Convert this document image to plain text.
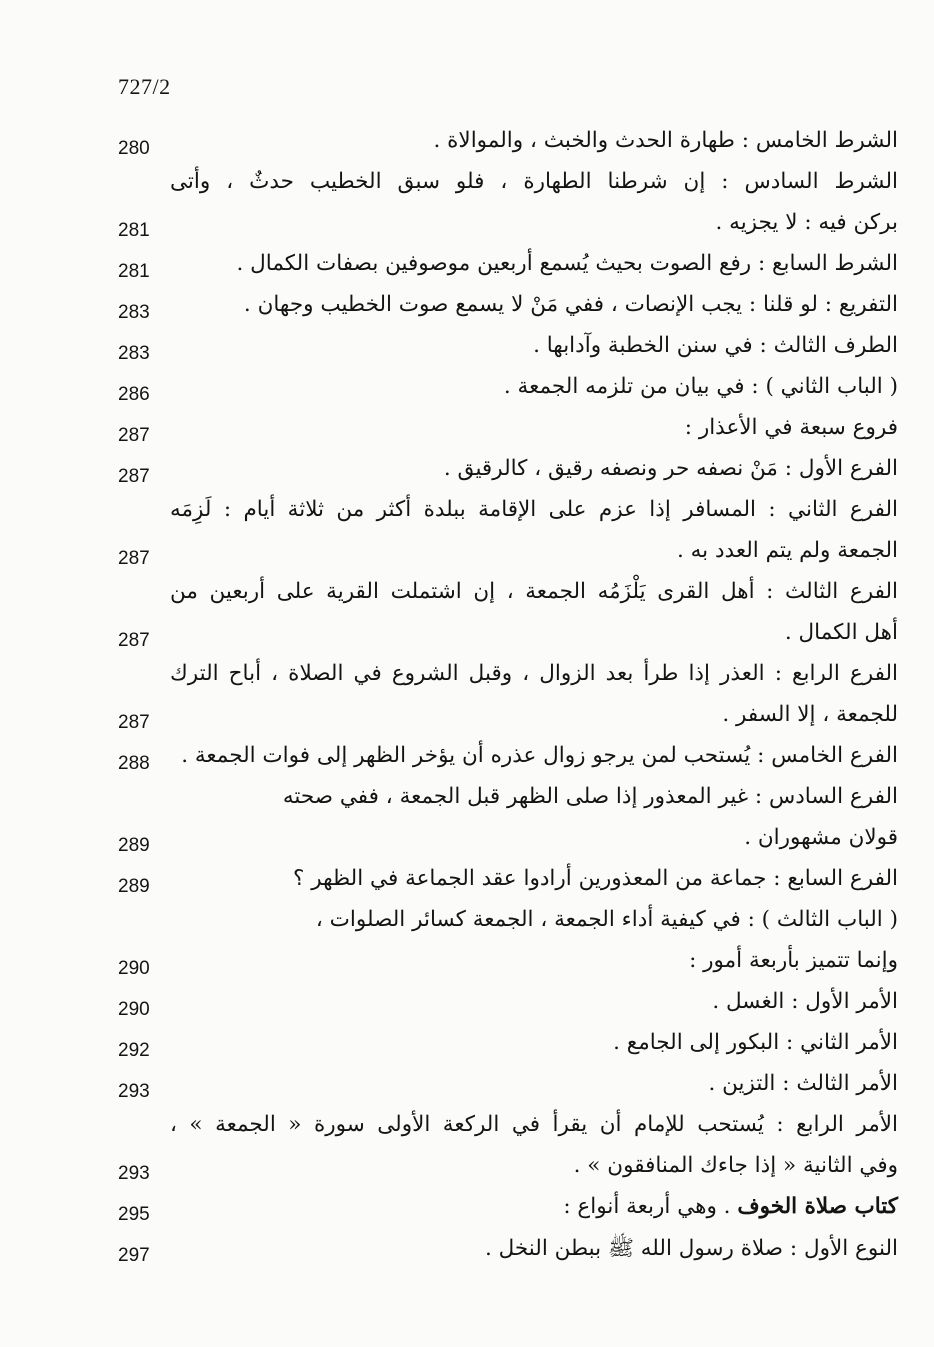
727/2
280	الشرط الخامس : طهارة الحدث والخبث ، والموالاة .
الشرط السادس : إن شرطنا الطهارة ، فلو سبق الخطيب حدثٌ ، وأتى
281	بركن فيه : لا يجزيه .
281	الشرط السابع : رفع الصوت بحيث يُسمع أربعين موصوفين بصفات الكمال .
283	التفريع : لو قلنا : يجب الإنصات ، ففي مَنْ لا يسمع صوت الخطيب وجهان .
283	الطرف الثالث : في سنن الخطبة وآدابها .
286	( الباب الثاني ) : في بيان من تلزمه الجمعة .
287	فروع سبعة في الأعذار :
287	الفرع الأول : مَنْ نصفه حر ونصفه رقيق ، كالرقيق .
الفرع الثاني : المسافر إذا عزم على الإقامة ببلدة أكثر من ثلاثة أيام : لَزِمَه
287	الجمعة ولم يتم العدد به .
الفرع الثالث : أهل القرى يَلْزَمُه الجمعة ، إن اشتملت القرية على أربعين من
287	أهل الكمال .
الفرع الرابع : العذر إذا طرأ بعد الزوال ، وقبل الشروع في الصلاة ، أباح الترك
287	للجمعة ، إلا السفر .
288	الفرع الخامس : يُستحب لمن يرجو زوال عذره أن يؤخر الظهر إلى فوات الجمعة .
الفرع السادس : غير المعذور إذا صلى الظهر قبل الجمعة ، ففي صحته
289	قولان مشهوران .
289	الفرع السابع : جماعة من المعذورين أرادوا عقد الجماعة في الظهر ؟
( الباب الثالث ) : في كيفية أداء الجمعة ، الجمعة كسائر الصلوات ،
290	وإنما تتميز بأربعة أمور :
290	الأمر الأول : الغسل .
292	الأمر الثاني : البكور إلى الجامع .
293	الأمر الثالث : التزين .
الأمر الرابع : يُستحب للإمام أن يقرأ في الركعة الأولى سورة « الجمعة » ،
293	وفي الثانية « إذا جاءك المنافقون » .
295	كتاب صلاة الخوف . وهي أربعة أنواع :
297	النوع الأول : صلاة رسول الله ﷺ ببطن النخل .
